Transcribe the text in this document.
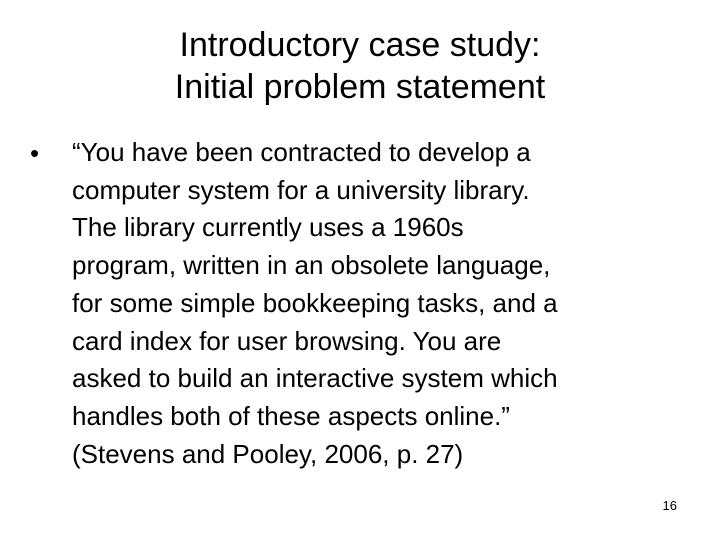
Introductory case study:
Initial problem statement
•	“You have been contracted to develop a
computer system for a university library.
The library currently uses a 1960s
program, written in an obsolete language,
for some simple bookkeeping tasks, and a
card index for user browsing. You are
asked to build an interactive system which
handles both of these aspects online.”
(Stevens and Pooley, 2006, p. 27)
16
